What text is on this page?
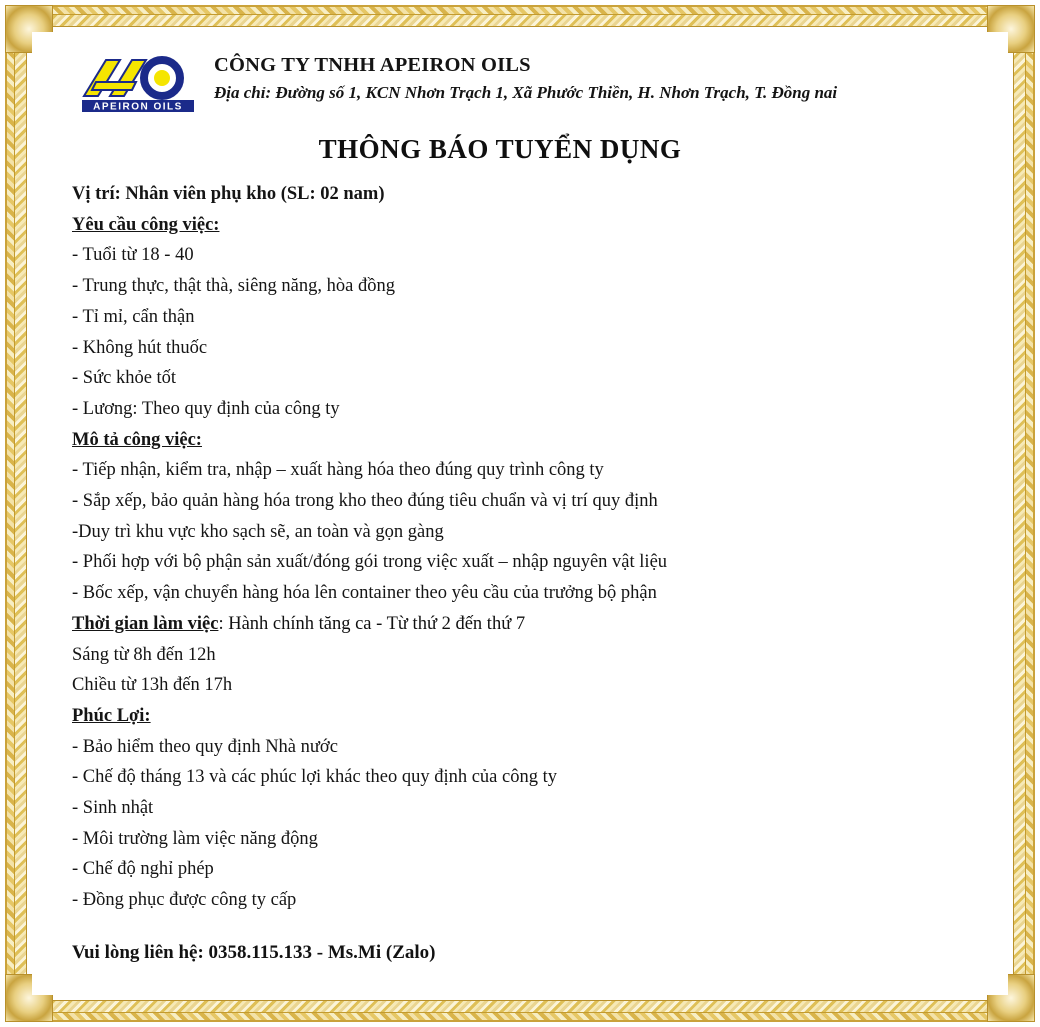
APEIRON OILS
CÔNG TY TNHH APEIRON OILS
Địa chỉ: Đường số 1, KCN Nhơn Trạch 1, Xã Phước Thiền, H. Nhơn Trạch, T. Đồng nai
THÔNG BÁO TUYỂN DỤNG
Vị trí: Nhân viên phụ kho (SL: 02 nam)
Yêu cầu công việc:
- Tuổi từ 18 - 40
- Trung thực, thật thà, siêng năng, hòa đồng
- Tỉ mỉ, cẩn thận
- Không hút thuốc
- Sức khỏe tốt
- Lương: Theo quy định của công ty
Mô tả công việc:
- Tiếp nhận, kiểm tra, nhập – xuất hàng hóa theo đúng quy trình công ty
- Sắp xếp, bảo quản hàng hóa trong kho theo đúng tiêu chuẩn và vị trí quy định
-Duy trì khu vực kho sạch sẽ, an toàn và gọn gàng
- Phối hợp với bộ phận sản xuất/đóng gói trong việc xuất – nhập nguyên vật liệu
- Bốc xếp, vận chuyển hàng hóa lên container theo yêu cầu của trưởng bộ phận
Thời gian làm việc: Hành chính tăng ca - Từ thứ 2 đến thứ 7
Sáng từ 8h đến 12h
Chiều từ 13h đến 17h
Phúc Lợi:
- Bảo hiểm theo quy định Nhà nước
- Chế độ tháng 13 và các phúc lợi khác theo quy định của công ty
- Sinh nhật
- Môi trường làm việc năng động
- Chế độ nghỉ phép
- Đồng phục được công ty cấp
Vui lòng liên hệ: 0358.115.133 - Ms.Mi (Zalo)
